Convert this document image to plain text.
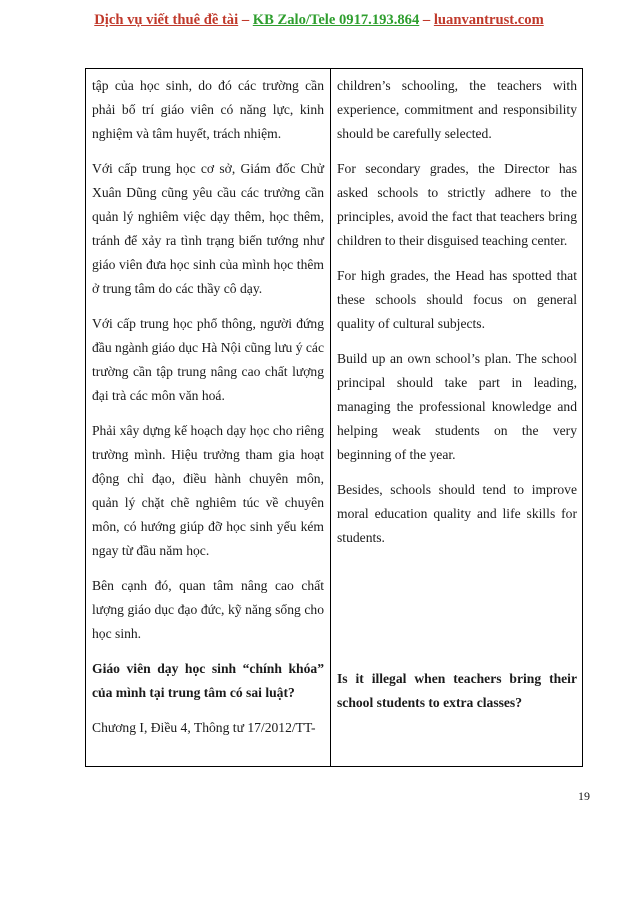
Dịch vụ viết thuê đề tài – KB Zalo/Tele 0917.193.864 – luanvantrust.com

tập của học sinh, do đó các trường cần phải bố trí giáo viên có năng lực, kinh nghiệm và tâm huyết, trách nhiệm.

Với cấp trung học cơ sở, Giám đốc Chử Xuân Dũng cũng yêu cầu các trưởng cần quản lý nghiêm việc dạy thêm, học thêm, tránh để xảy ra tình trạng biến tướng như giáo viên đưa học sinh của mình học thêm ở trung tâm do các thầy cô dạy.

Với cấp trung học phổ thông, người đứng đầu ngành giáo dục Hà Nội cũng lưu ý các trường cần tập trung nâng cao chất lượng đại trà các môn văn hoá.

Phải xây dựng kế hoạch dạy học cho riêng trường mình. Hiệu trưởng tham gia hoạt động chỉ đạo, điều hành chuyên môn, quản lý chặt chẽ nghiêm túc về chuyên môn, có hướng giúp đỡ học sinh yếu kém ngay từ đầu năm học.

Bên cạnh đó, quan tâm nâng cao chất lượng giáo dục đạo đức, kỹ năng sống cho học sinh.

Giáo viên dạy học sinh “chính khóa” của mình tại trung tâm có sai luật?

Chương I, Điều 4, Thông tư 17/2012/TT-

children’s schooling, the teachers with experience, commitment and responsibility should be carefully selected.

For secondary grades, the Director has asked schools to strictly adhere to the principles, avoid the fact that teachers bring children to their disguised teaching center.

For high grades, the Head has spotted that these schools should focus on general quality of cultural subjects.

Build up an own school’s plan. The school principal should take part in leading, managing the professional knowledge and helping weak students on the very beginning of the year.

Besides, schools should tend to improve moral education quality and life skills for students.

Is it illegal when teachers bring their school students to extra classes?

19
